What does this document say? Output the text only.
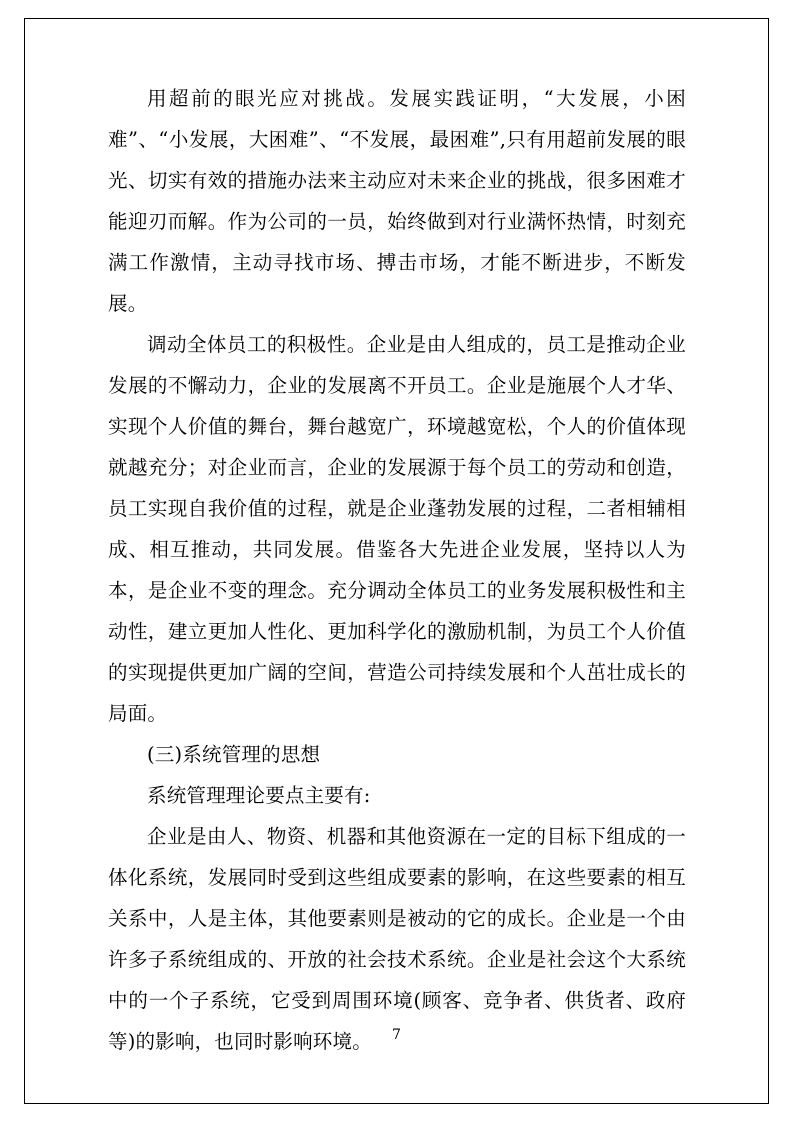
用超前的眼光应对挑战。发展实践证明，“大发展，小困难”、“小发展，大困难”、“不发展，最困难”,只有用超前发展的眼光、切实有效的措施办法来主动应对未来企业的挑战，很多困难才能迎刃而解。作为公司的一员，始终做到对行业满怀热情，时刻充满工作激情，主动寻找市场、搏击市场，才能不断进步，不断发展。

调动全体员工的积极性。企业是由人组成的，员工是推动企业发展的不懈动力，企业的发展离不开员工。企业是施展个人才华、实现个人价值的舞台，舞台越宽广，环境越宽松，个人的价值体现就越充分；对企业而言，企业的发展源于每个员工的劳动和创造，员工实现自我价值的过程，就是企业蓬勃发展的过程，二者相辅相成、相互推动，共同发展。借鉴各大先进企业发展，坚持以人为本，是企业不变的理念。充分调动全体员工的业务发展积极性和主动性，建立更加人性化、更加科学化的激励机制，为员工个人价值的实现提供更加广阔的空间，营造公司持续发展和个人茁壮成长的局面。

(三)系统管理的思想

系统管理理论要点主要有:

企业是由人、物资、机器和其他资源在一定的目标下组成的一体化系统，发展同时受到这些组成要素的影响，在这些要素的相互关系中，人是主体，其他要素则是被动的它的成长。企业是一个由许多子系统组成的、开放的社会技术系统。企业是社会这个大系统中的一个子系统，它受到周围环境(顾客、竞争者、供货者、政府等)的影响，也同时影响环境。	7
